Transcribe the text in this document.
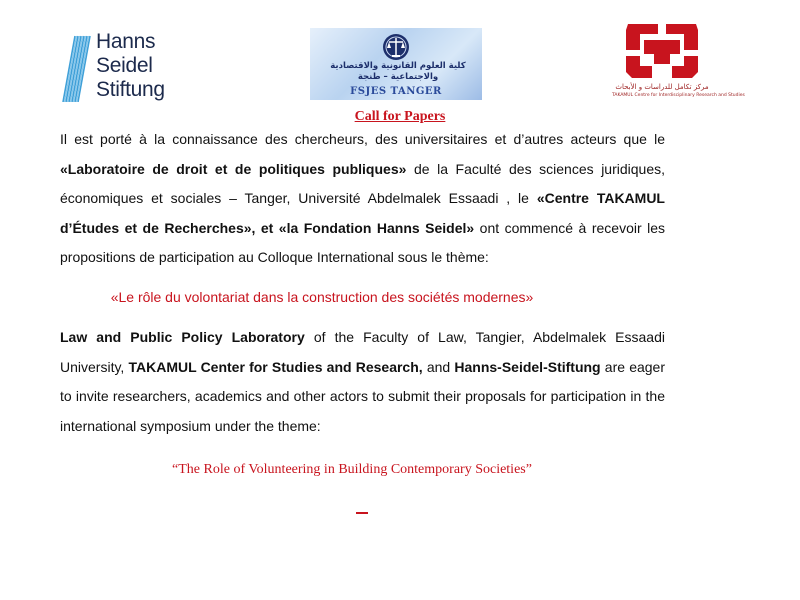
Hanns
Seidel
Stiftung
كلية العلوم القانونية والاقتصادية
والاجتماعية – طنجة
FSJES TANGER	مركز تكامل للدراسات و الأبحاث
TAKAMUL Centre for Interdisciplinary Research and Studies
Call for Papers
Il est porté à la connaissance des chercheurs, des universitaires et d’autres acteurs que le «Laboratoire de droit et de politiques publiques» de la Faculté des sciences juridiques, économiques et sociales – Tanger, Université Abdelmalek Essaadi , le «Centre TAKAMUL d’Études et de Recherches», et «la Fondation Hanns Seidel» ont commencé à recevoir les propositions de participation au Colloque International sous le thème:
«Le rôle du volontariat dans la construction des sociétés modernes»
Law and Public Policy Laboratory of the Faculty of Law, Tangier, Abdelmalek Essaadi University, TAKAMUL Center for Studies and Research, and Hanns-Seidel-Stiftung are eager to invite researchers, academics and other actors to submit their proposals for participation in the international symposium under the theme:
“The Role of Volunteering in Building Contemporary Societies”
